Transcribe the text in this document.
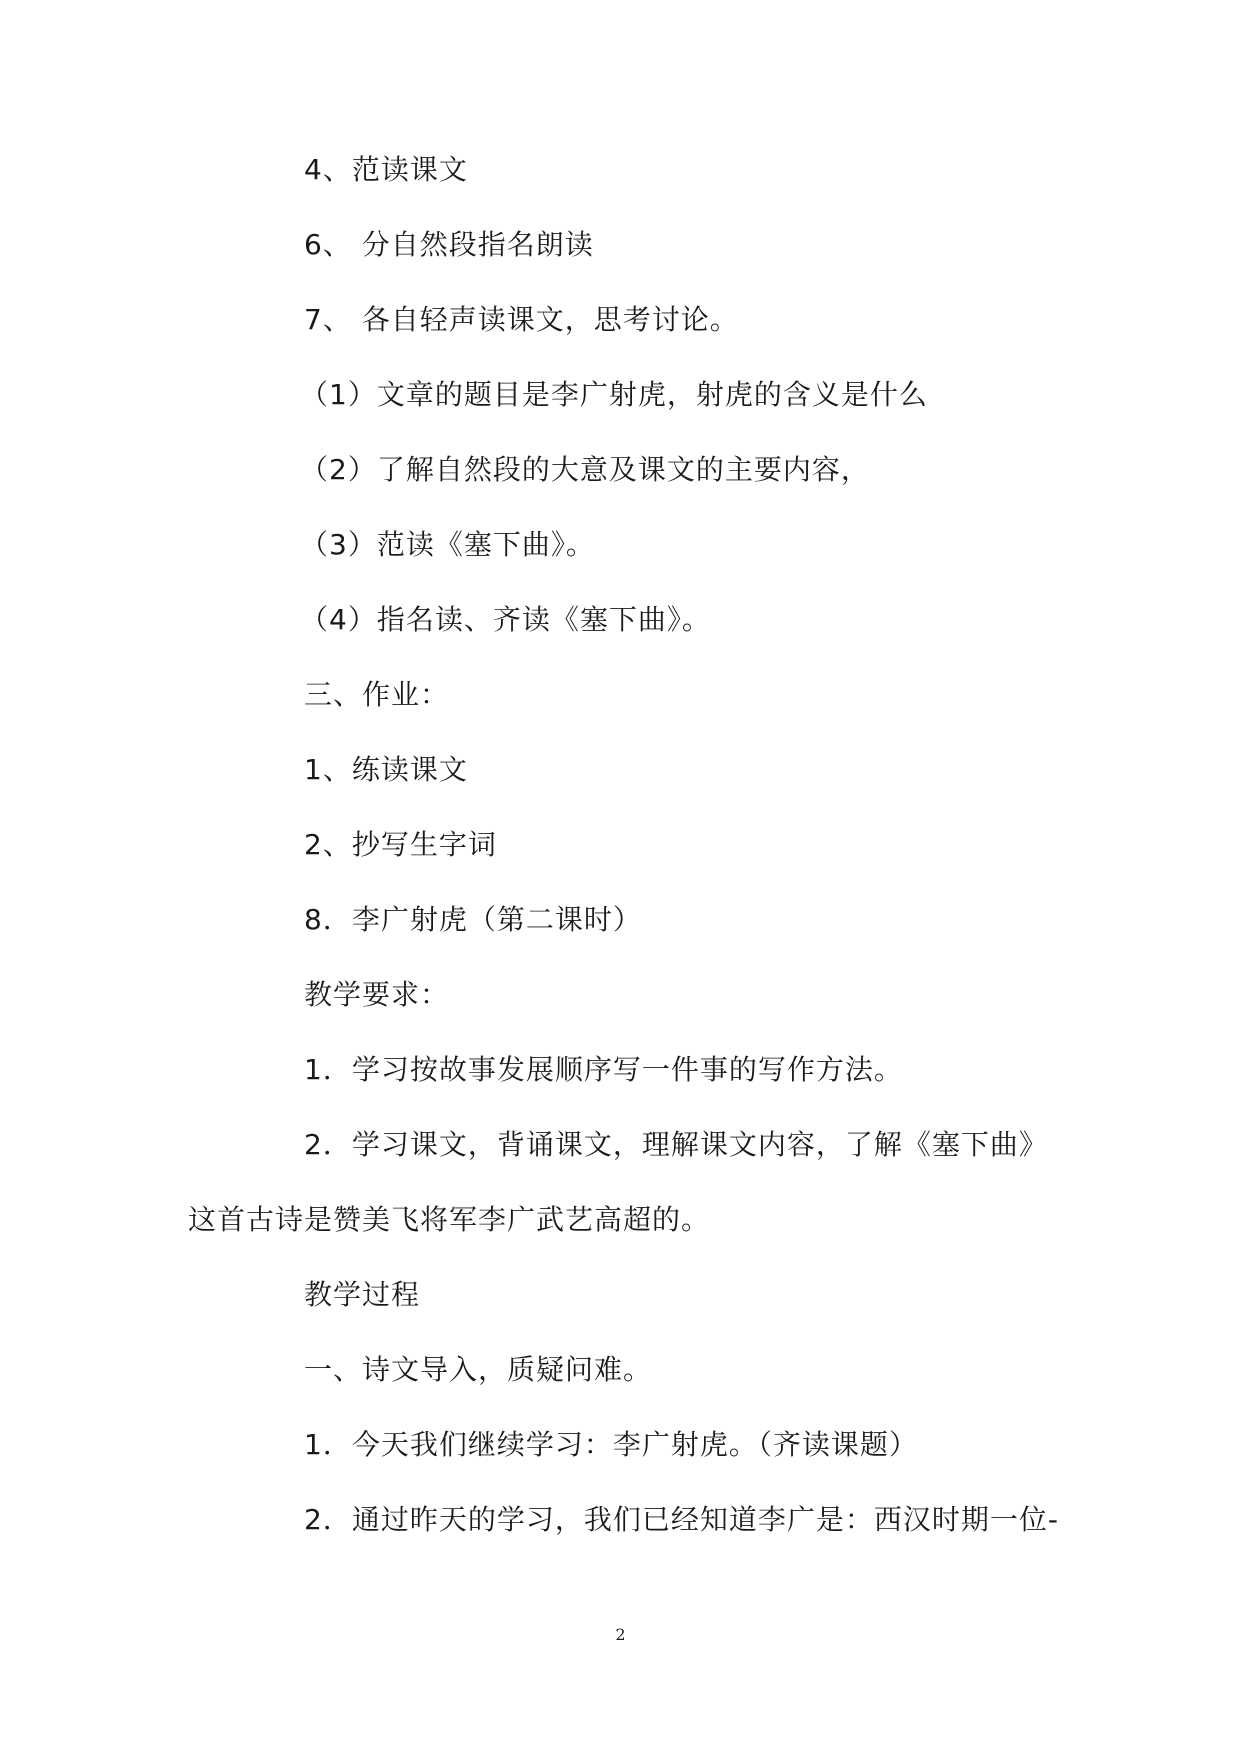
4、范读课文
6、 分自然段指名朗读
7、 各自轻声读课文，思考讨论。
（1）文章的题目是李广射虎，射虎的含义是什么
（2）了解自然段的大意及课文的主要内容，
（3）范读《塞下曲》。
（4）指名读、齐读《塞下曲》。
三、作业：
1、练读课文
2、抄写生字词
8．李广射虎（第二课时）
教学要求：
1．学习按故事发展顺序写一件事的写作方法。
2．学习课文，背诵课文，理解课文内容，了解《塞下曲》
这首古诗是赞美飞将军李广武艺高超的。
教学过程
一、诗文导入，质疑问难。
1．今天我们继续学习：李广射虎。（齐读课题）
2．通过昨天的学习，我们已经知道李广是：西汉时期一位-
2
